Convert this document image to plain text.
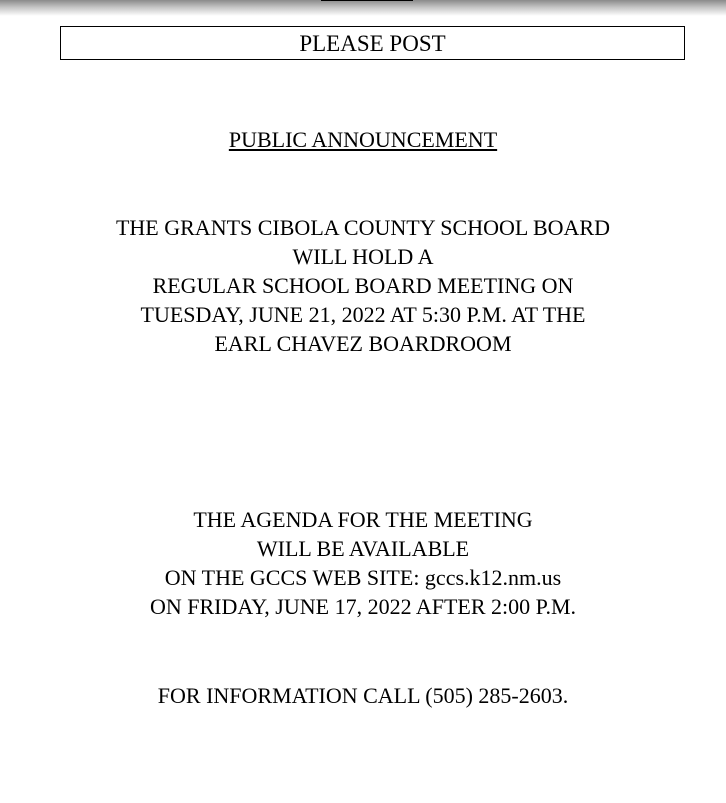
PLEASE POST
PUBLIC ANNOUNCEMENT
THE GRANTS CIBOLA COUNTY SCHOOL BOARD
WILL HOLD A
REGULAR SCHOOL BOARD MEETING ON
TUESDAY, JUNE 21, 2022 AT 5:30 P.M. AT THE
EARL CHAVEZ BOARDROOM
THE AGENDA FOR THE MEETING
WILL BE AVAILABLE
ON THE GCCS WEB SITE: gccs.k12.nm.us
ON FRIDAY, JUNE 17, 2022 AFTER 2:00 P.M.
FOR INFORMATION CALL (505) 285-2603.
